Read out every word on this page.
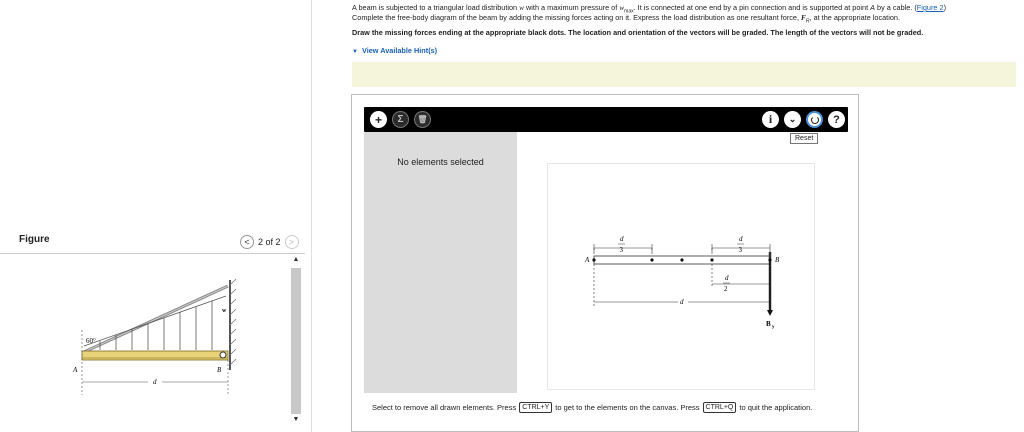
Figure	< 2 of 2 >
d
60°
w
A	B
▲
▼
A beam is subjected to a triangular load distribution w with a maximum pressure of $w_{max}$. It is connected at one end by a pin connection and is supported at point A by a cable. (Figure 2)
Complete the free-body diagram of the beam by adding the missing forces acting on it. Express the load distribution as one resultant force, $F_R$, at the appropriate location.
Draw the missing forces ending at the appropriate black dots. The location and orientation of the vectors will be graded. The length of the vectors will not be graded.
▼ View Available Hint(s)
+ Σ 🗑	i ⌄	?
Reset
No elements selected
d
3
d
3
A	B
d
2
d
B y
Select to remove all drawn elements. Press CTRL+Y to get to the elements on the canvas. Press CTRL+Q to quit the application.
